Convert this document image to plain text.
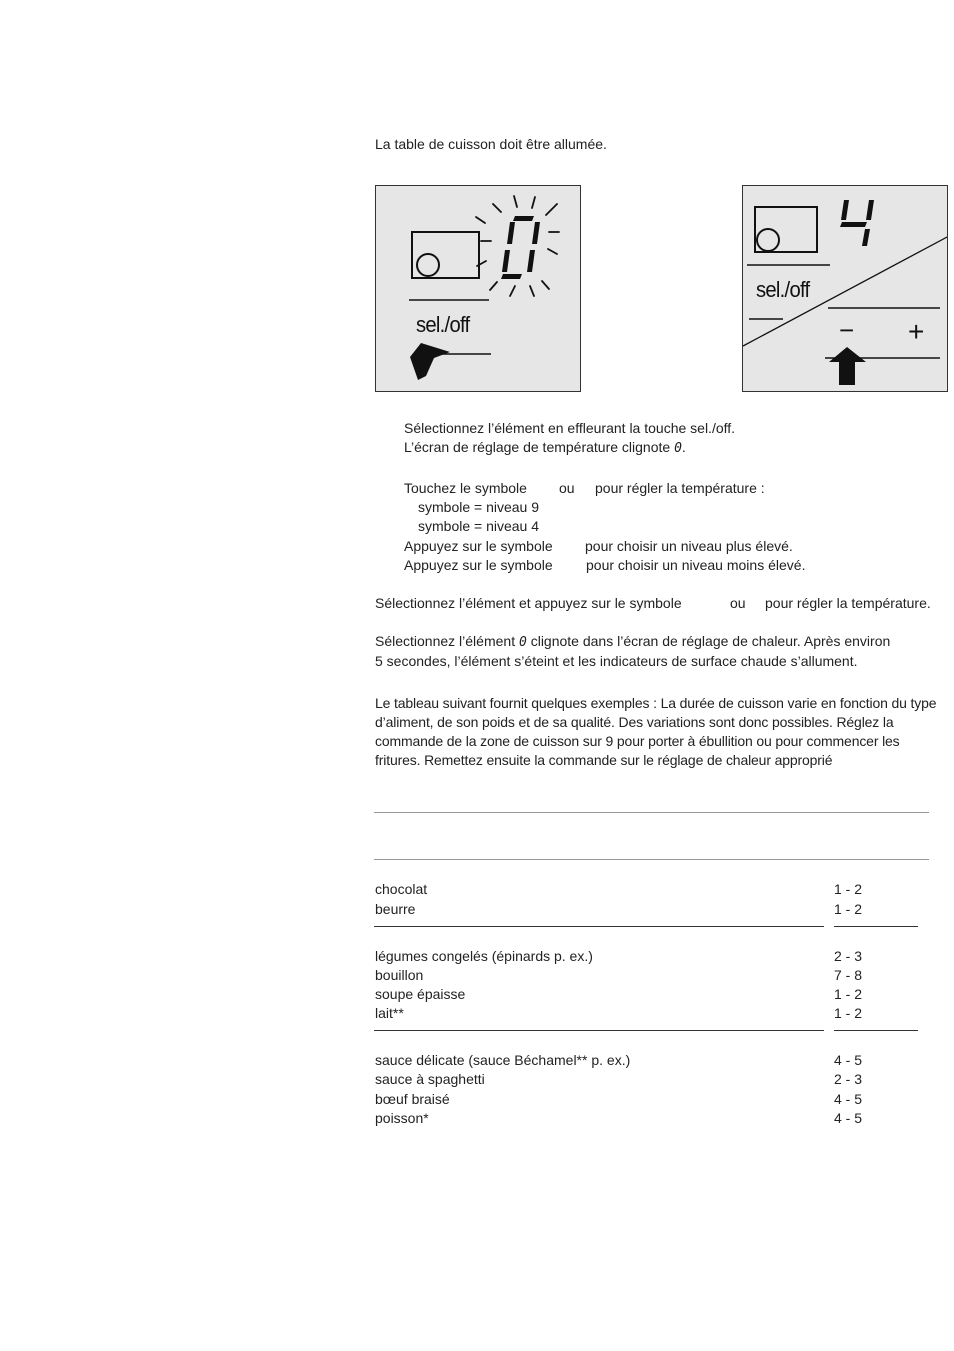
La table de cuisson doit être allumée.
sel./off
sel./off
− +
Sélectionnez l’élément en effleurant la touche sel./off.
L’écran de réglage de température clignote 0.
Touchez le symbole ou pour régler la température :
symbole = niveau 9
symbole = niveau 4
Appuyez sur le symbole pour choisir un niveau plus élevé.
Appuyez sur le symbole pour choisir un niveau moins élevé.
Sélectionnez l’élément et appuyez sur le symbole	ou pour régler la température.
Sélectionnez l’élément 0 clignote dans l’écran de réglage de chaleur. Après environ
5 secondes, l’élément s’éteint et les indicateurs de surface chaude s’allument.
Le tableau suivant fournit quelques exemples : La durée de cuisson varie en fonction du type d’aliment, de son poids et de sa qualité. Des variations sont donc possibles. Réglez la commande de la zone de cuisson sur 9 pour porter à ébullition ou pour commencer les fritures. Remettez ensuite la commande sur le réglage de chaleur approprié
chocolat	1 - 2
beurre	1 - 2
légumes congelés (épinards p. ex.)	2 - 3
bouillon	7 - 8
soupe épaisse	1 - 2
lait**	1 - 2
sauce délicate (sauce Béchamel** p. ex.)	4 - 5
sauce à spaghetti	2 - 3
bœuf braisé	4 - 5
poisson*	4 - 5
